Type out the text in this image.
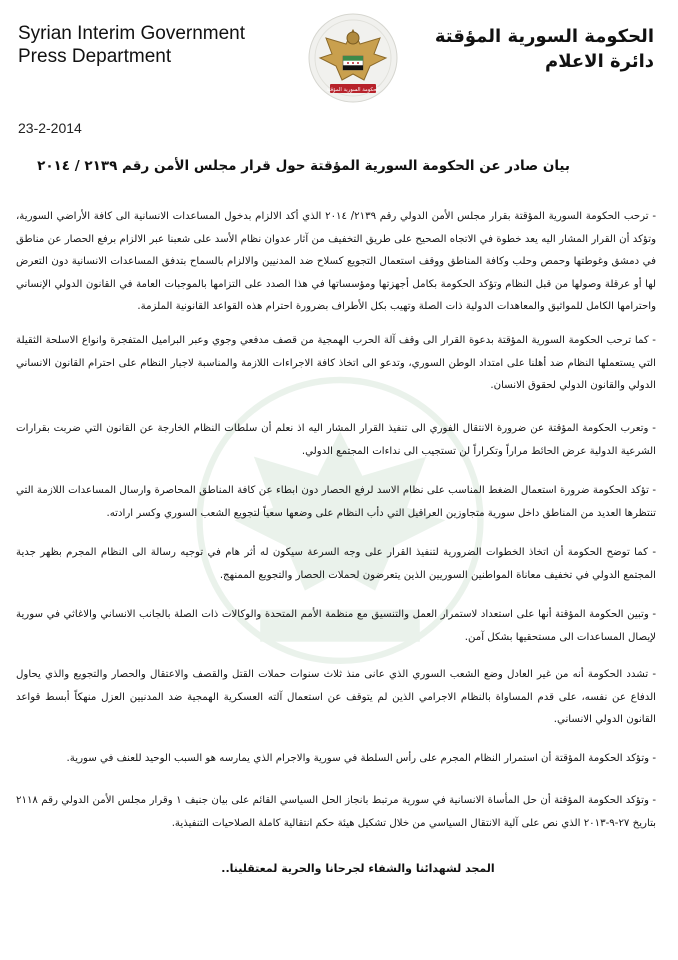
Syrian Interim Government
Press Department
الحكومة السورية المؤقتة
الحكومة السورية المؤقتة
دائرة الاعلام
23-2-2014
بيان صادر عن الحكومة السورية المؤقتة حول قرار مجلس الأمن رقم ٢١٣٩ / ٢٠١٤
- ترحب الحكومة السورية المؤقتة بقرار مجلس الأمن الدولي رقم ٢١٣٩/ ٢٠١٤ الذي أكد الالزام بدخول المساعدات الانسانية الى كافة الأراضي السورية، وتؤكد أن القرار المشار اليه يعد خطوة في الاتجاه الصحيح على طريق التخفيف من آثار عدوان نظام الأسد على شعبنا عبر الالزام برفع الحصار عن مناطق في دمشق وغوطتها وحمص وحلب وكافة المناطق ووقف استعمال التجويع كسلاح ضد المدنيين والالزام بالسماح بتدفق المساعدات الانسانية دون التعرض لها أو عرقلة وصولها من قبل النظام وتؤكد الحكومة بكامل أجهزتها ومؤسساتها في هذا الصدد على التزامها بالموجبات العامة في القانون الدولي الإنساني واحترامها الكامل للمواثيق والمعاهدات الدولية ذات الصلة وتهيب بكل الأطراف بضرورة احترام هذه القواعد القانونية الملزمة.
- كما ترحب الحكومة السورية المؤقتة بدعوة القرار الى وقف آلة الحرب الهمجية من قصف مدفعي وجوي وعبر البراميل المتفجرة وانواع الاسلحة الثقيلة التي يستعملها النظام ضد أهلنا على امتداد الوطن السوري، وتدعو الى اتخاذ كافة الاجراءات اللازمة والمناسبة لاجبار النظام على احترام القانون الانساني الدولي والقانون الدولي لحقوق الانسان.
- وتعرب الحكومة المؤقتة عن ضرورة الانتقال الفوري الى تنفيذ القرار المشار اليه اذ نعلم أن سلطات النظام الخارجة عن القانون التي ضربت بقرارات الشرعية الدولية عرض الحائط مراراً وتكراراً لن تستجيب الى نداءات المجتمع الدولي.
- تؤكد الحكومة ضرورة استعمال الضغط المناسب على نظام الاسد لرفع الحصار دون ابطاء عن كافة المناطق المحاصرة وارسال المساعدات اللازمة التي تنتظرها العديد من المناطق داخل سورية متجاوزين العراقيل التي دأب النظام على وضعها سعياً لتجويع الشعب السوري وكسر ارادته.
- كما توضح الحكومة أن اتخاذ الخطوات الضرورية لتنفيذ القرار على وجه السرعة سيكون له أثر هام في توجيه رسالة الى النظام المجرم بظهر جدية المجتمع الدولي في تخفيف معاناة المواطنين السوريين الذين يتعرضون لحملات الحصار والتجويع الممنهج.
- وتبين الحكومة المؤقتة أنها على استعداد لاستمرار العمل والتنسيق مع منظمة الأمم المتحدة والوكالات ذات الصلة بالجانب الانساني والاغاثي في سورية لإيصال المساعدات الى مستحقيها بشكل آمن.
- تشدد الحكومة أنه من غير العادل وضع الشعب السوري الذي عانى منذ ثلاث سنوات حملات القتل والقصف والاعتقال والحصار والتجويع والذي يحاول الدفاع عن نفسه، على قدم المساواة بالنظام الاجرامي الذين لم يتوقف عن استعمال آلته العسكرية الهمجية ضد المدنيين العزل منهكاً أبسط قواعد القانون الدولي الانساني.
- وتؤكد الحكومة المؤقتة أن استمرار النظام المجرم على رأس السلطة في سورية والاجرام الذي يمارسه هو السبب الوحيد للعنف في سورية.
- وتؤكد الحكومة المؤقتة أن حل المأساة الانسانية في سورية مرتبط بانجاز الحل السياسي القائم على بيان جنيف ١ وقرار مجلس الأمن الدولي رقم ٢١١٨ بتاريخ ٢٧-٩-٢٠١٣ الذي نص على آلية الانتقال السياسي من خلال تشكيل هيئة حكم انتقالية كاملة الصلاحيات التنفيذية.
المجد لشهدائنا والشفاء لجرحانا والحرية لمعتقلينا..
